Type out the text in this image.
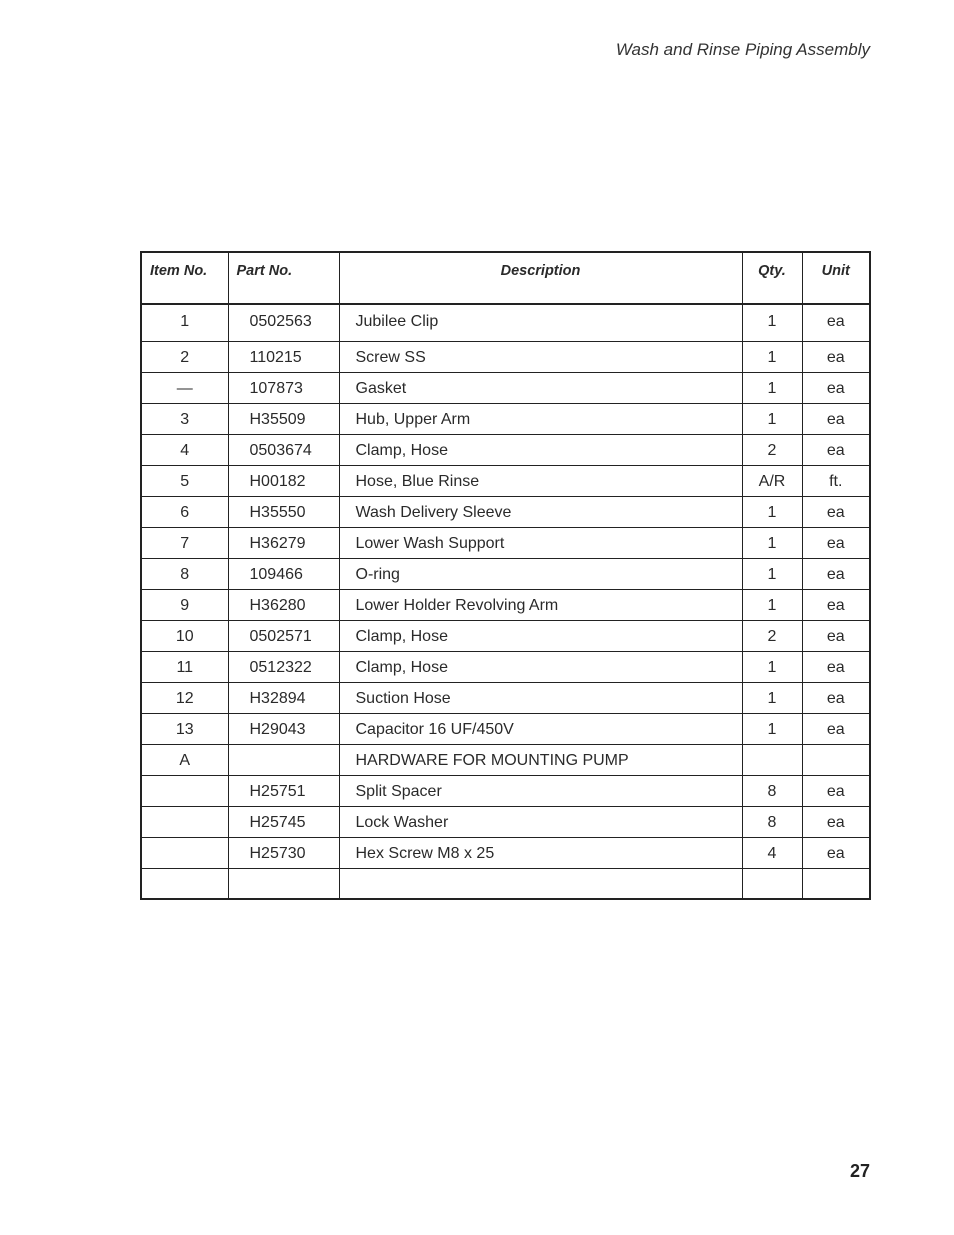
Wash and Rinse Piping Assembly
Item No.	Part No.	Description	Qty.	Unit
1	0502563	Jubilee Clip	1	ea
2	110215	Screw SS	1	ea
—	107873	Gasket	1	ea
3	H35509	Hub, Upper Arm	1	ea
4	0503674	Clamp, Hose	2	ea
5	H00182	Hose, Blue Rinse	A/R	ft.
6	H35550	Wash Delivery Sleeve	1	ea
7	H36279	Lower Wash Support	1	ea
8	109466	O-ring	1	ea
9	H36280	Lower Holder Revolving Arm	1	ea
10	0502571	Clamp, Hose	2	ea
11	0512322	Clamp, Hose	1	ea
12	H32894	Suction Hose	1	ea
13	H29043	Capacitor 16 UF/450V	1	ea
A		HARDWARE FOR MOUNTING PUMP		
	H25751	Split Spacer	8	ea
	H25745	Lock Washer	8	ea
	H25730	Hex Screw M8 x 25	4	ea

27
